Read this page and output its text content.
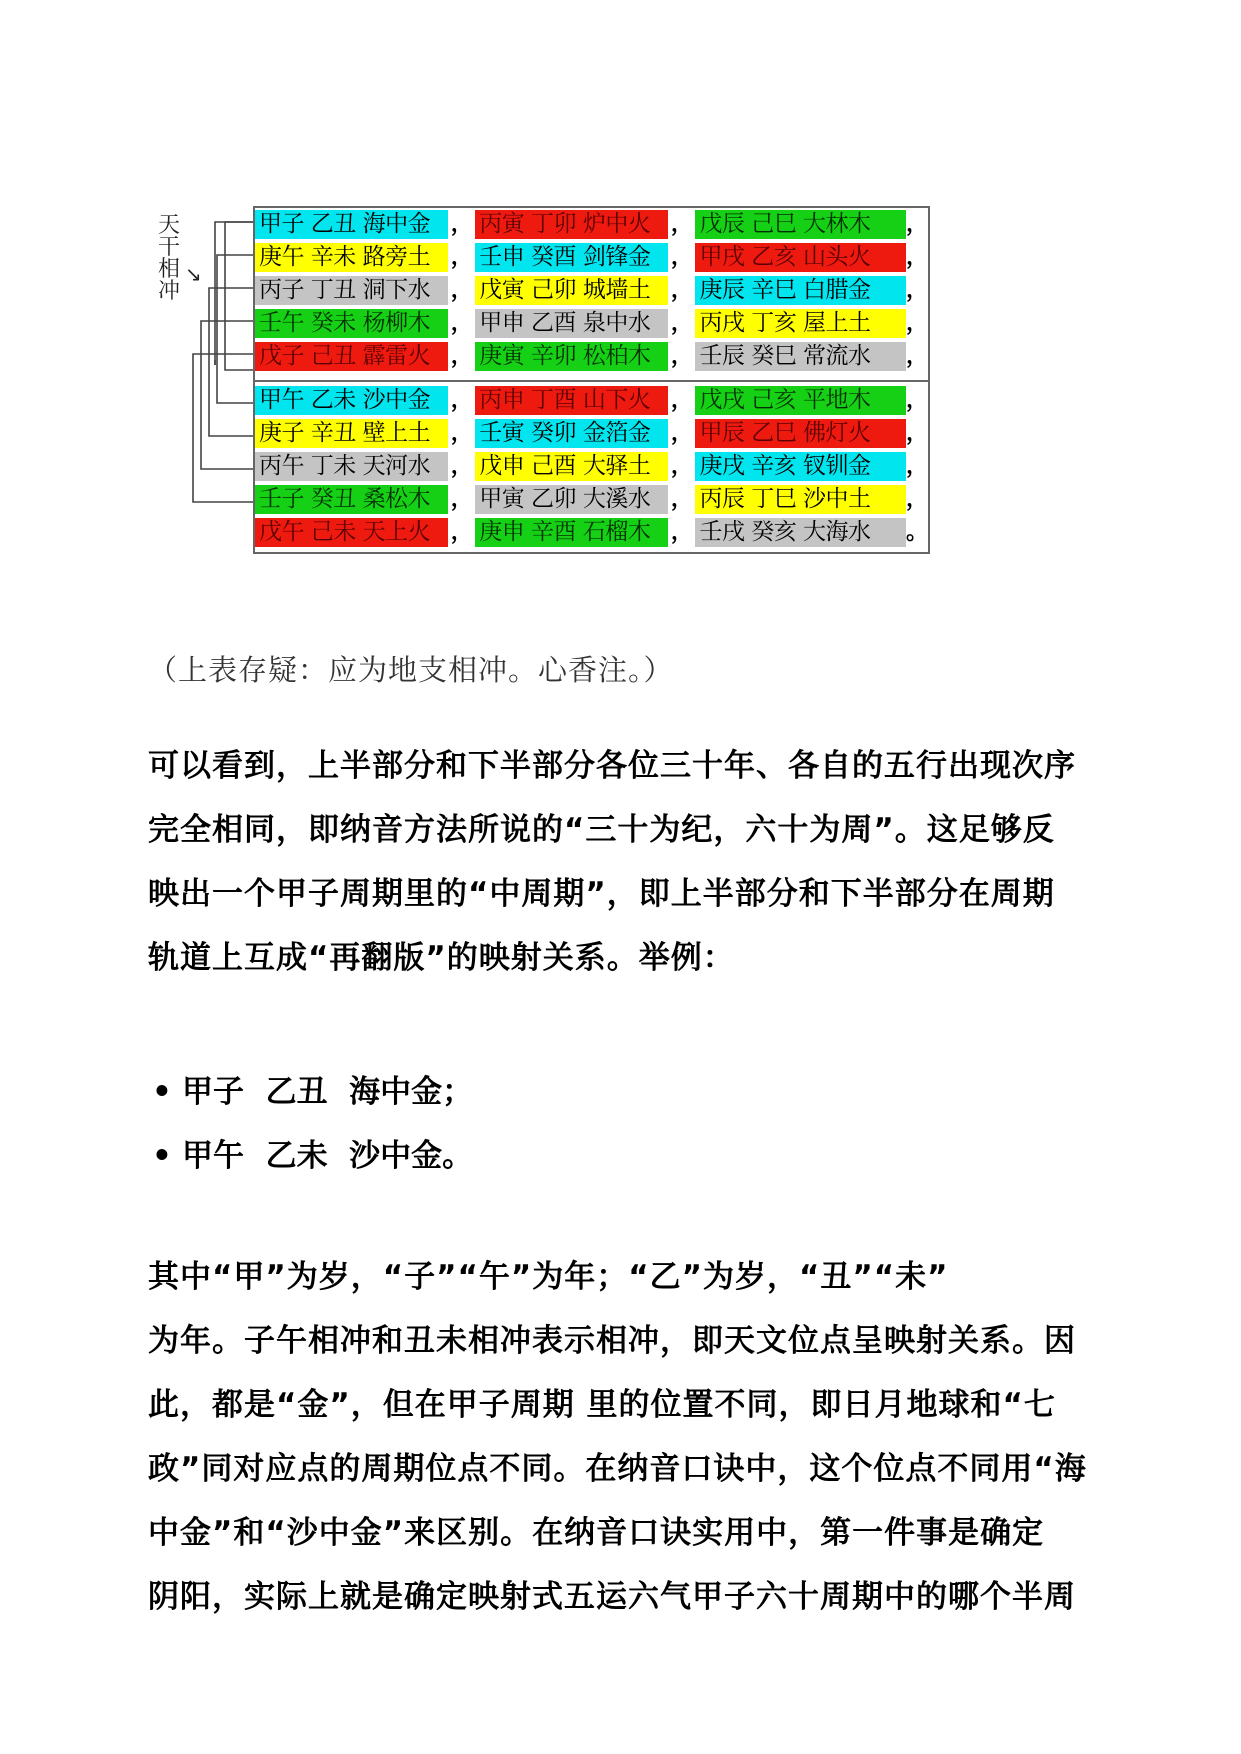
天干相冲
↘
甲子 乙丑 海中金 ， 丙寅 丁卯 炉中火 ， 戊辰 己巳 大林木	，
庚午 辛未 路旁土 ， 壬申 癸酉 剑锋金 ， 甲戌 乙亥 山头火	，
丙子 丁丑 洞下水 ， 戊寅 己卯 城墙土 ， 庚辰 辛巳 白腊金	，
壬午 癸未 杨柳木 ， 甲申 乙酉 泉中水 ， 丙戌 丁亥 屋上土	，
戊子 己丑 霹雷火 ， 庚寅 辛卯 松柏木 ， 壬辰 癸巳 常流水	，
甲午 乙未 沙中金 ， 丙申 丁酉 山下火 ， 戊戌 己亥 平地木	，
庚子 辛丑 壁上土 ， 壬寅 癸卯 金箔金 ， 甲辰 乙巳 佛灯火	，
丙午 丁未 天河水 ， 戊申 己酉 大驿土 ， 庚戌 辛亥 钗钏金	，
壬子 癸丑 桑松木 ， 甲寅 乙卯 大溪水 ， 丙辰 丁巳 沙中土	，
戊午 己未 天上火 ， 庚申 辛酉 石榴木 ， 壬戌 癸亥 大海水	。
（上表存疑：应为地支相冲。心香注。）
可以看到，上半部分和下半部分各位三十年、各自的五行出现次序
完全相同，即纳音方法所说的“三十为纪，六十为周”。这足够反
映出一个甲子周期里的“中周期”，即上半部分和下半部分在周期
轨道上互成“再翻版”的映射关系。举例：
• 甲子  乙丑  海中金；
• 甲午  乙未  沙中金。
其中“甲”为岁，“子”“午”为年；“乙”为岁，“丑”“未”
为年。子午相冲和丑未相冲表示相冲，即天文位点呈映射关系。因
此，都是“金”，但在甲子周期 里的位置不同，即日月地球和“七
政”同对应点的周期位点不同。在纳音口诀中，这个位点不同用“海
中金”和“沙中金”来区别。在纳音口诀实用中，第一件事是确定
阴阳，实际上就是确定映射式五运六气甲子六十周期中的哪个半周
